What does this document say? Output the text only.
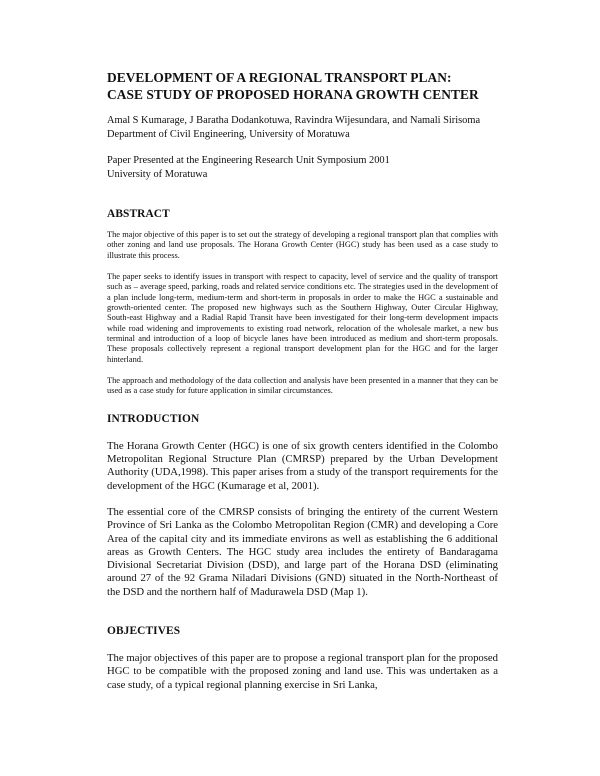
DEVELOPMENT OF A REGIONAL TRANSPORT PLAN:
CASE STUDY OF PROPOSED HORANA GROWTH CENTER

Amal S Kumarage, J Baratha Dodankotuwa, Ravindra Wijesundara, and Namali Sirisoma

Department of Civil Engineering, University of Moratuwa

Paper Presented at the Engineering Research Unit Symposium 2001

University of Moratuwa

ABSTRACT

The major objective of this paper is to set out the strategy of developing a regional transport plan that complies with other zoning and land use proposals. The Horana Growth Center (HGC) study has been used as a case study to illustrate this process.

The paper seeks to identify issues in transport with respect to capacity, level of service and the quality of transport such as – average speed, parking, roads and related service conditions etc. The strategies used in the development of a plan include long-term, medium-term and short-term in proposals in order to make the HGC a sustainable and growth-oriented center. The proposed new highways such as the Southern Highway, Outer Circular Highway, South-east Highway and a Radial Rapid Transit have been investigated for their long-term development impacts while road widening and improvements to existing road network, relocation of the wholesale market, a new bus terminal and introduction of a loop of bicycle lanes have been introduced as medium and short-term proposals. These proposals collectively represent a regional transport development plan for the HGC and for the larger hinterland.

The approach and methodology of the data collection and analysis have been presented in a manner that they can be used as a case study for future application in similar circumstances.

INTRODUCTION

The Horana Growth Center (HGC) is one of six growth centers identified in the Colombo Metropolitan Regional Structure Plan (CMRSP) prepared by the Urban Development Authority (UDA,1998). This paper arises from a study of the transport requirements for the development of the HGC (Kumarage et al, 2001).

The essential core of the CMRSP consists of bringing the entirety of the current Western Province of Sri Lanka as the Colombo Metropolitan Region (CMR) and developing a Core Area of the capital city and its immediate environs as well as establishing the 6 additional areas as Growth Centers. The HGC study area includes the entirety of Bandaragama Divisional Secretariat Division (DSD), and large part of the Horana DSD (eliminating around 27 of the 92 Grama Niladari Divisions (GND) situated in the North-Northeast of the DSD and the northern half of Madurawela DSD (Map 1).

OBJECTIVES

The major objectives of this paper are to propose a regional transport plan for the proposed HGC to be compatible with the proposed zoning and land use. This was undertaken as a case study, of a typical regional planning exercise in Sri Lanka,
